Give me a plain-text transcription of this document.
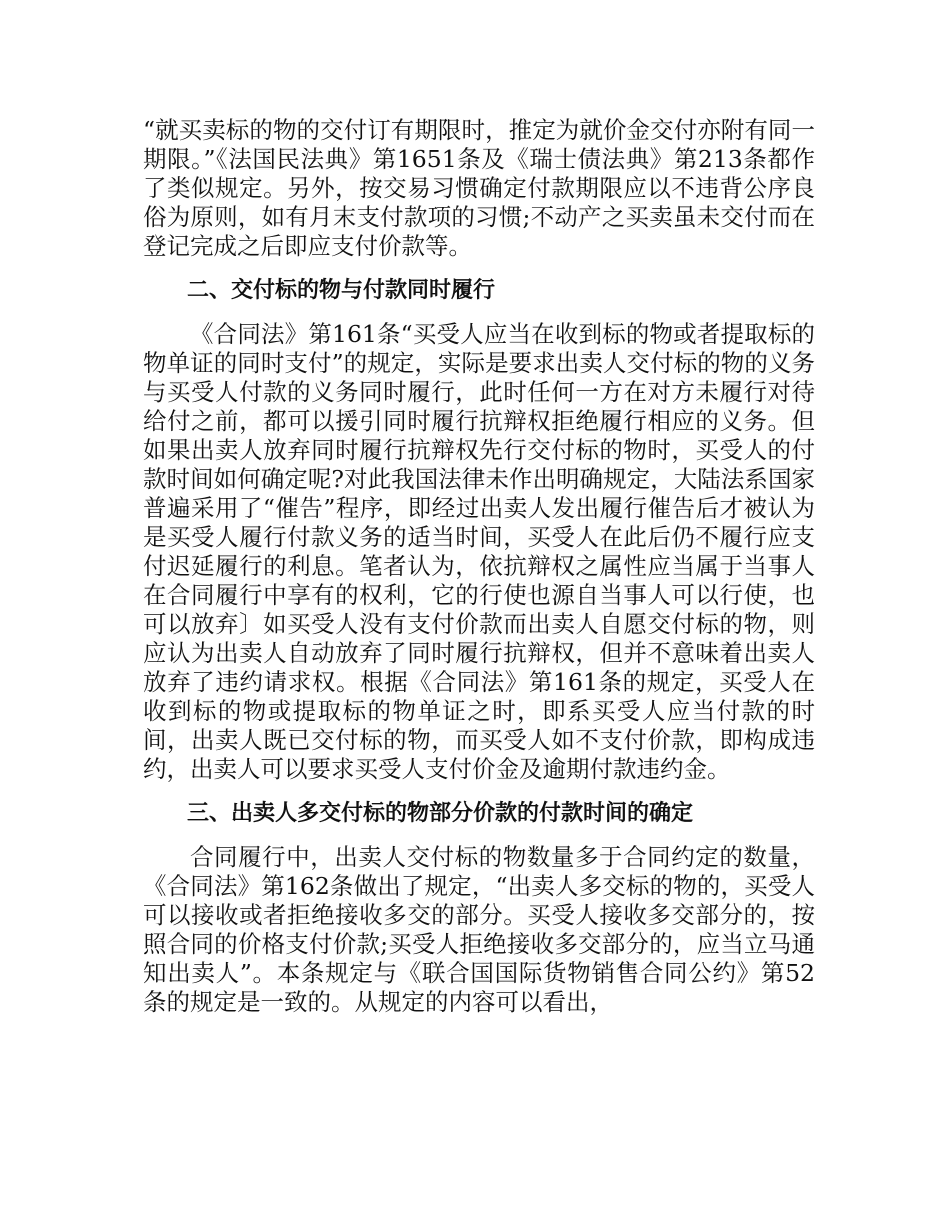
“就买卖标的物的交付订有期限时，推定为就价金交付亦附有同一期限。”《法国民法典》第1651条及《瑞士债法典》第213条都作了类似规定。另外，按交易习惯确定付款期限应以不违背公序良俗为原则，如有月末支付款项的习惯;不动产之买卖虽未交付而在登记完成之后即应支付价款等。

二、交付标的物与付款同时履行

《合同法》第161条“买受人应当在收到标的物或者提取标的物单证的同时支付”的规定，实际是要求出卖人交付标的物的义务与买受人付款的义务同时履行，此时任何一方在对方未履行对待给付之前，都可以援引同时履行抗辩权拒绝履行相应的义务。但如果出卖人放弃同时履行抗辩权先行交付标的物时，买受人的付款时间如何确定呢?对此我国法律未作出明确规定，大陆法系国家普遍采用了“催告”程序，即经过出卖人发出履行催告后才被认为是买受人履行付款义务的适当时间，买受人在此后仍不履行应支付迟延履行的利息。笔者认为，依抗辩权之属性应当属于当事人在合同履行中享有的权利，它的行使也源自当事人可以行使，也可以放弃〕如买受人没有支付价款而出卖人自愿交付标的物，则应认为出卖人自动放弃了同时履行抗辩权，但并不意味着出卖人放弃了违约请求权。根据《合同法》第161条的规定，买受人在收到标的物或提取标的物单证之时，即系买受人应当付款的时间，出卖人既已交付标的物，而买受人如不支付价款，即构成违约，出卖人可以要求买受人支付价金及逾期付款违约金。

三、出卖人多交付标的物部分价款的付款时间的确定

合同履行中，出卖人交付标的物数量多于合同约定的数量，《合同法》第162条做出了规定，“出卖人多交标的物的，买受人可以接收或者拒绝接收多交的部分。买受人接收多交部分的，按照合同的价格支付价款;买受人拒绝接收多交部分的，应当立马通知出卖人”。本条规定与《联合国国际货物销售合同公约》第52条的规定是一致的。从规定的内容可以看出，
